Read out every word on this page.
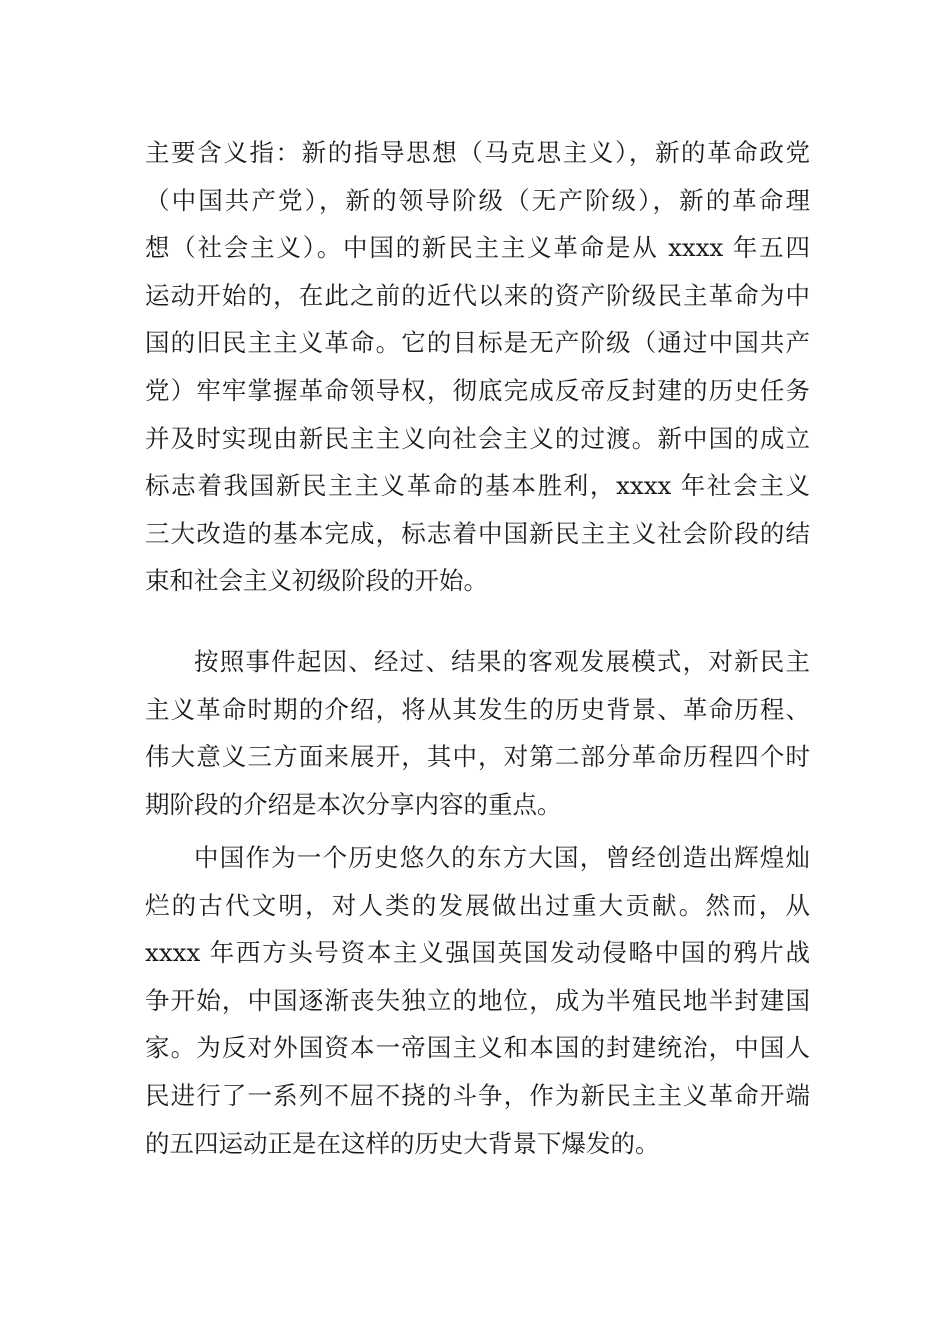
主要含义指：新的指导思想（马克思主义），新的革命政党
（中国共产党），新的领导阶级（无产阶级），新的革命理
想（社会主义）。中国的新民主主义革命是从 xxxx 年五四
运动开始的，在此之前的近代以来的资产阶级民主革命为中
国的旧民主主义革命。它的目标是无产阶级（通过中国共产
党）牢牢掌握革命领导权，彻底完成反帝反封建的历史任务
并及时实现由新民主主义向社会主义的过渡。新中国的成立
标志着我国新民主主义革命的基本胜利，xxxx 年社会主义
三大改造的基本完成，标志着中国新民主主义社会阶段的结
束和社会主义初级阶段的开始。
按照事件起因、经过、结果的客观发展模式，对新民主
主义革命时期的介绍，将从其发生的历史背景、革命历程、
伟大意义三方面来展开，其中，对第二部分革命历程四个时
期阶段的介绍是本次分享内容的重点。
中国作为一个历史悠久的东方大国，曾经创造出辉煌灿
烂的古代文明，对人类的发展做出过重大贡献。然而，从
xxxx 年西方头号资本主义强国英国发动侵略中国的鸦片战
争开始，中国逐渐丧失独立的地位，成为半殖民地半封建国
家。为反对外国资本一帝国主义和本国的封建统治，中国人
民进行了一系列不屈不挠的斗争，作为新民主主义革命开端
的五四运动正是在这样的历史大背景下爆发的。
